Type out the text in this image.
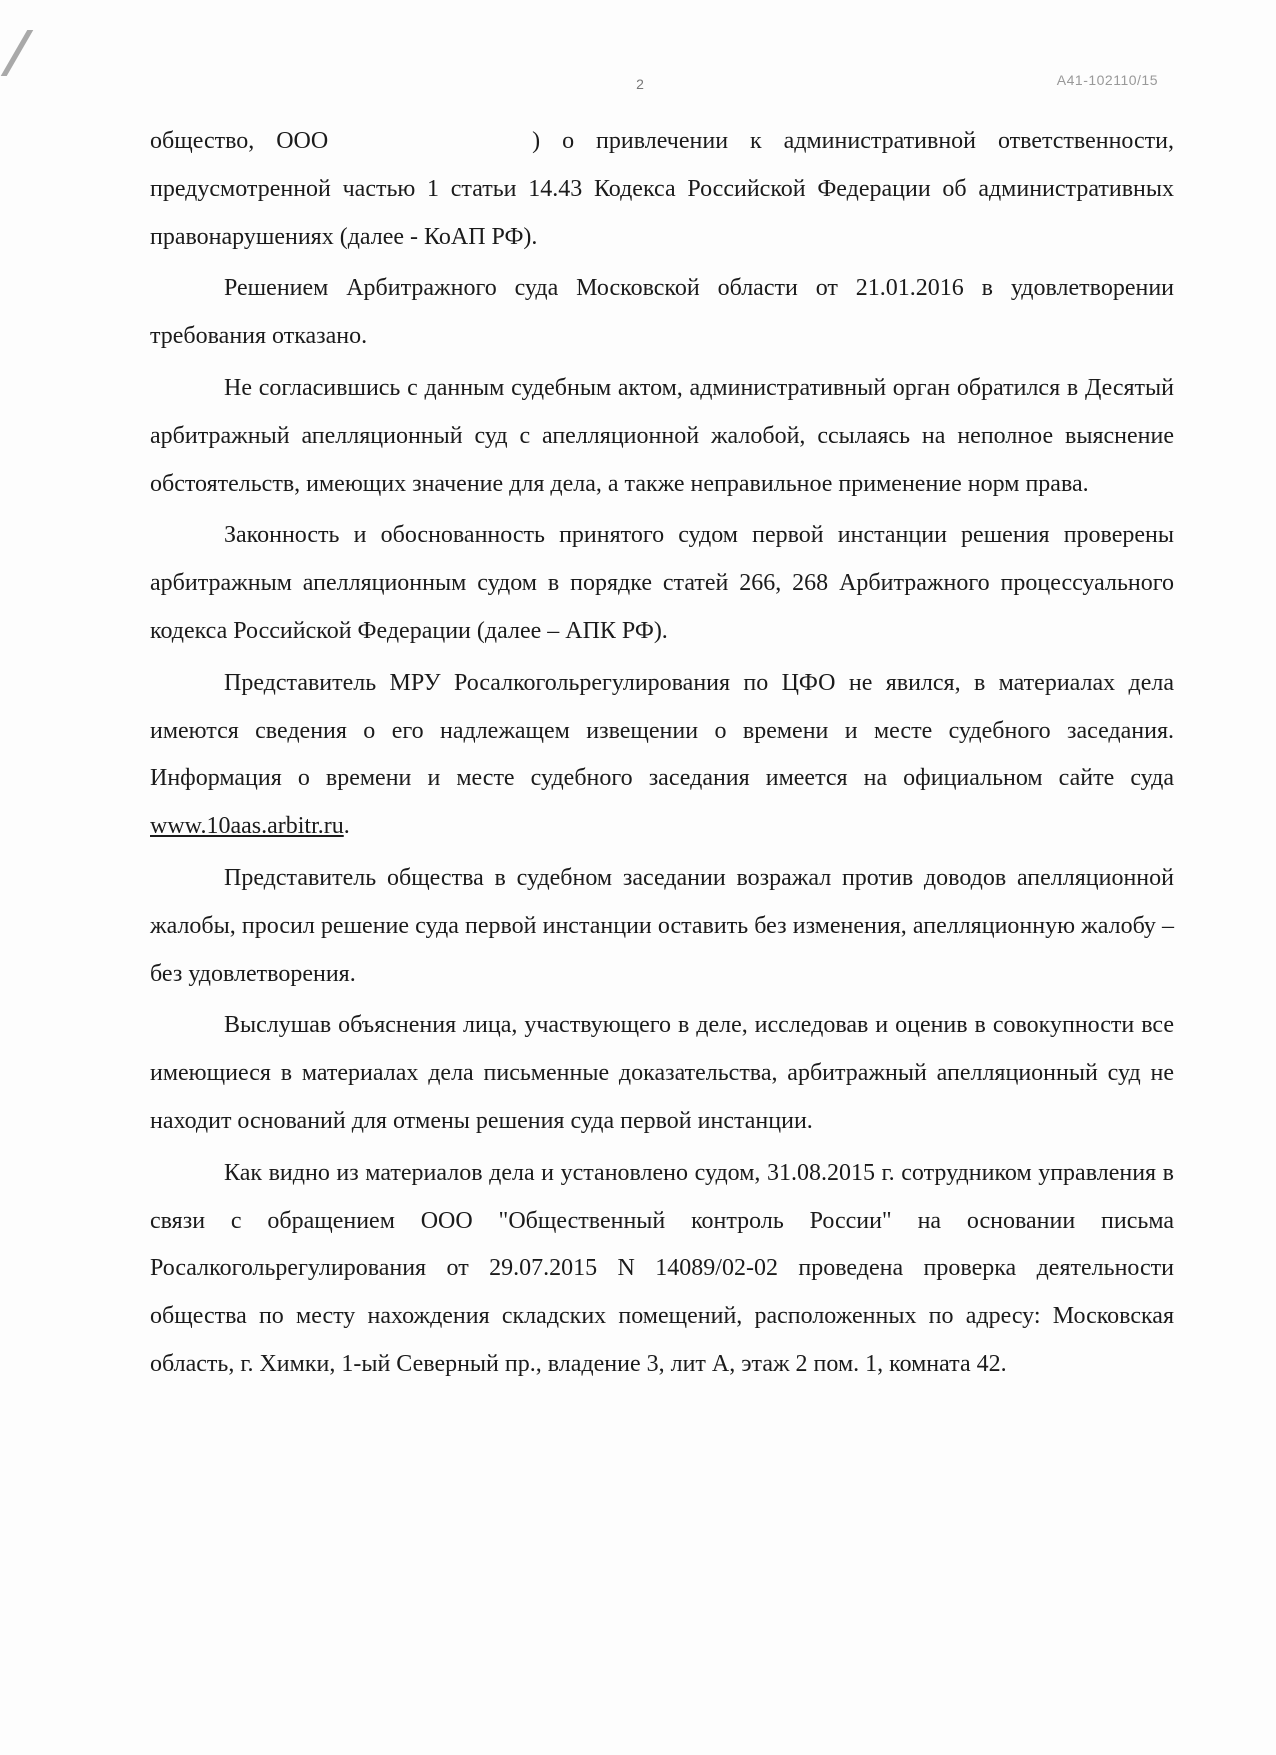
2	А41-102110/15

общество, ООО	) о привлечении к административной ответственности, предусмотренной частью 1 статьи 14.43 Кодекса Российской Федерации об административных правонарушениях (далее - КоАП РФ).

Решением Арбитражного суда Московской области от 21.01.2016 в удовлетворении требования отказано.

Не согласившись с данным судебным актом, административный орган обратился в Десятый арбитражный апелляционный суд с апелляционной жалобой, ссылаясь на неполное выяснение обстоятельств, имеющих значение для дела, а также неправильное применение норм права.

Законность и обоснованность принятого судом первой инстанции решения проверены арбитражным апелляционным судом в порядке статей 266, 268 Арбитражного процессуального кодекса Российской Федерации (далее – АПК РФ).

Представитель МРУ Росалкогольрегулирования по ЦФО не явился, в материалах дела имеются сведения о его надлежащем извещении о времени и месте судебного заседания. Информация о времени и месте судебного заседания имеется на официальном сайте суда www.10aas.arbitr.ru.

Представитель общества в судебном заседании возражал против доводов апелляционной жалобы, просил решение суда первой инстанции оставить без изменения, апелляционную жалобу – без удовлетворения.

Выслушав объяснения лица, участвующего в деле, исследовав и оценив в совокупности все имеющиеся в материалах дела письменные доказательства, арбитражный апелляционный суд не находит оснований для отмены решения суда первой инстанции.

Как видно из материалов дела и установлено судом, 31.08.2015 г. сотрудником управления в связи с обращением ООО "Общественный контроль России" на основании письма Росалкогольрегулирования от 29.07.2015 N 14089/02-02 проведена проверка деятельности общества по месту нахождения складских помещений, расположенных по адресу: Московская область, г. Химки, 1-ый Северный пр., владение 3, лит А, этаж 2 пом. 1, комната 42.
